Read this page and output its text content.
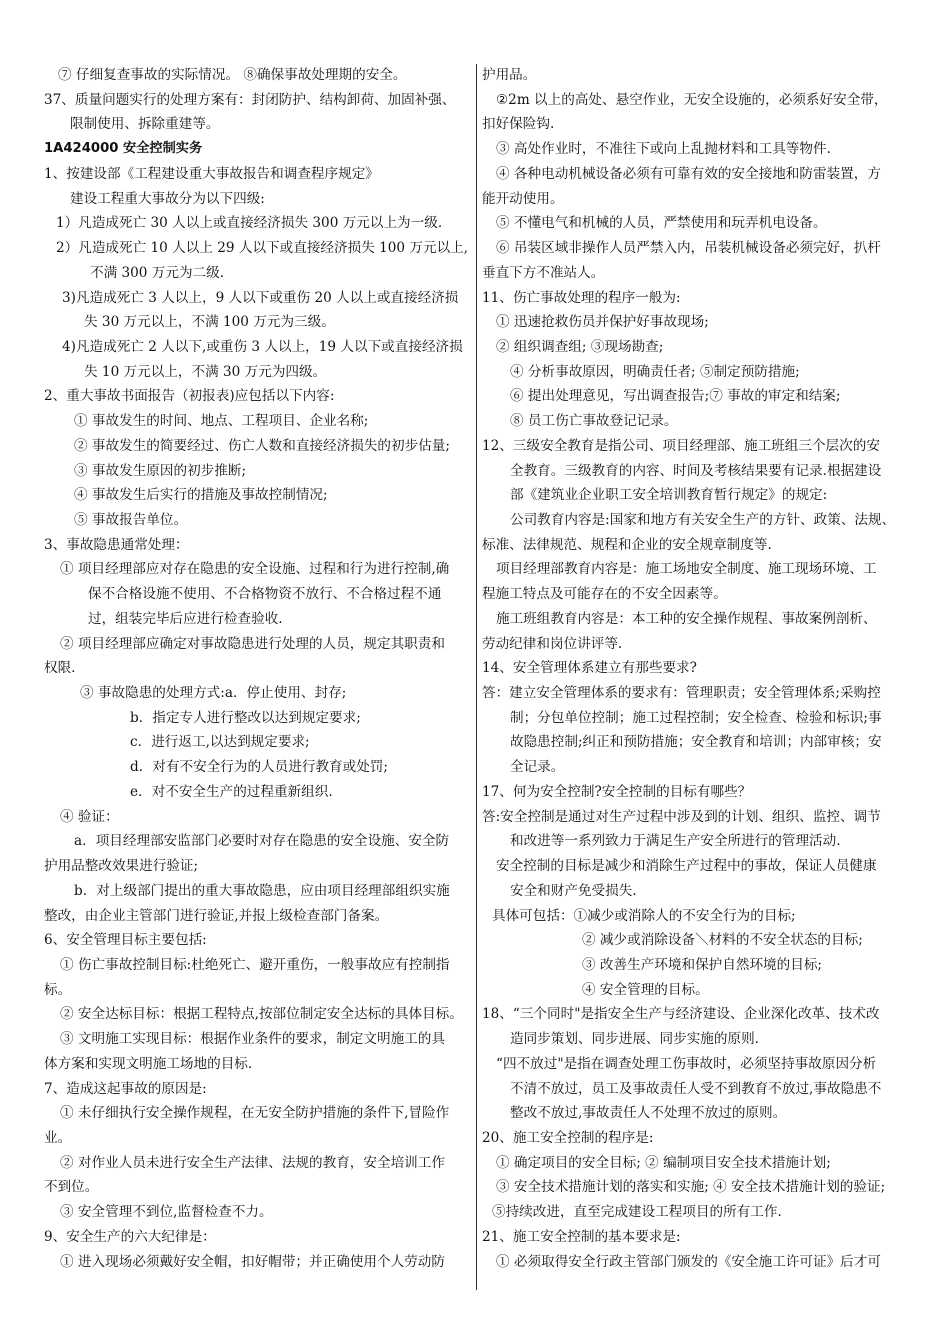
⑦ 仔细复查事故的实际情况。 ⑧确保事故处理期的安全。
37、质量问题实行的处理方案有：封闭防护、结构卸荷、加固补强、
限制使用、拆除重建等。
1A424000 安全控制实务
1、按建设部《工程建设重大事故报告和调查程序规定》
建设工程重大事故分为以下四级:
1）凡造成死亡 30 人以上或直接经济损失 300 万元以上为一级.
2）凡造成死亡 10 人以上 29 人以下或直接经济损失 100 万元以上,
不满 300 万元为二级.
3)凡造成死亡 3 人以上，9 人以下或重伤 20 人以上或直接经济损
失 30 万元以上，不满 100 万元为三级。
4)凡造成死亡 2 人以下,或重伤 3 人以上，19 人以下或直接经济损
失 10 万元以上，不满 30 万元为四级。
2、重大事故书面报告（初报表)应包括以下内容:
① 事故发生的时间、地点、工程项目、企业名称;
② 事故发生的简要经过、伤亡人数和直接经济损失的初步估量;
③ 事故发生原因的初步推断;
④ 事故发生后实行的措施及事故控制情况;
⑤ 事故报告单位。
3、事故隐患通常处理：
① 项目经理部应对存在隐患的安全设施、过程和行为进行控制,确
保不合格设施不使用、不合格物资不放行、不合格过程不通
过，组装完毕后应进行检查验收.
② 项目经理部应确定对事故隐患进行处理的人员，规定其职责和
权限.
③ 事故隐患的处理方式:a．停止使用、封存;
b．指定专人进行整改以达到规定要求;
c．进行返工,以达到规定要求;
d．对有不安全行为的人员进行教育或处罚;
e．对不安全生产的过程重新组织.
④ 验证：
a．项目经理部安监部门必要时对存在隐患的安全设施、安全防
护用品整改效果进行验证;
b．对上级部门提出的重大事故隐患，应由项目经理部组织实施
整改，由企业主管部门进行验证,并报上级检查部门备案。
6、安全管理目标主要包括:
① 伤亡事故控制目标:杜绝死亡、避开重伤，一般事故应有控制指
标。
② 安全达标目标：根据工程特点,按部位制定安全达标的具体目标。
③ 文明施工实现目标：根据作业条件的要求，制定文明施工的具
体方案和实现文明施工场地的目标.
7、造成这起事故的原因是:
① 未仔细执行安全操作规程，在无安全防护措施的条件下,冒险作
业。
② 对作业人员未进行安全生产法律、法规的教育，安全培训工作
不到位。
③ 安全管理不到位,监督检查不力。
9、安全生产的六大纪律是：
① 进入现场必须戴好安全帽，扣好帽带；并正确使用个人劳动防
护用品。
②2m 以上的高处、悬空作业，无安全设施的，必须系好安全带，
扣好保险钩.
③ 高处作业时，不准往下或向上乱抛材料和工具等物件.
④ 各种电动机械设备必须有可靠有效的安全接地和防雷装置，方
能开动使用。
⑤ 不懂电气和机械的人员，严禁使用和玩弄机电设备。
⑥ 吊装区域非操作人员严禁入内，吊装机械设备必须完好，扒杆
垂直下方不准站人。
11、伤亡事故处理的程序一般为:
① 迅速抢救伤员并保护好事故现场;
② 组织调查组; ③现场勘查;
④ 分析事故原因，明确责任者; ⑤制定预防措施;
⑥ 提出处理意见，写出调查报告;⑦ 事故的审定和结案;
⑧ 员工伤亡事故登记记录。
12、三级安全教育是指公司、项目经理部、施工班组三个层次的安
全教育。三级教育的内容、时间及考核结果要有记录.根据建设
部《建筑业企业职工安全培训教育暂行规定》的规定:
公司教育内容是:国家和地方有关安全生产的方针、政策、法规、
标准、法律规范、规程和企业的安全规章制度等.
项目经理部教育内容是：施工场地安全制度、施工现场环境、工
程施工特点及可能存在的不安全因素等。
施工班组教育内容是：本工种的安全操作规程、事故案例剖析、
劳动纪律和岗位讲评等.
14、安全管理体系建立有那些要求?
答：建立安全管理体系的要求有：管理职责；安全管理体系;采购控
制；分包单位控制；施工过程控制；安全检查、检验和标识;事
故隐患控制;纠正和预防措施；安全教育和培训；内部审核；安
全记录。
17、何为安全控制?安全控制的目标有哪些？
答:安全控制是通过对生产过程中涉及到的计划、组织、监控、调节
和改进等一系列致力于满足生产安全所进行的管理活动.
安全控制的目标是减少和消除生产过程中的事故，保证人员健康
安全和财产免受损失.
具体可包括：①减少或消除人的不安全行为的目标;
② 减少或消除设备＼材料的不安全状态的目标;
③ 改善生产环境和保护自然环境的目标;
④ 安全管理的目标。
18、“三个同时"是指安全生产与经济建设、企业深化改革、技术改
造同步策划、同步进展、同步实施的原则.
“四不放过"是指在调查处理工伤事故时，必须坚持事故原因分析
不清不放过，员工及事故责任人受不到教育不放过,事故隐患不
整改不放过,事故责任人不处理不放过的原则。
20、施工安全控制的程序是:
① 确定项目的安全目标; ② 编制项目安全技术措施计划;
③ 安全技术措施计划的落实和实施; ④ 安全技术措施计划的验证;
⑤持续改进，直至完成建设工程项目的所有工作.
21、施工安全控制的基本要求是:
① 必须取得安全行政主管部门颁发的《安全施工许可证》后才可
